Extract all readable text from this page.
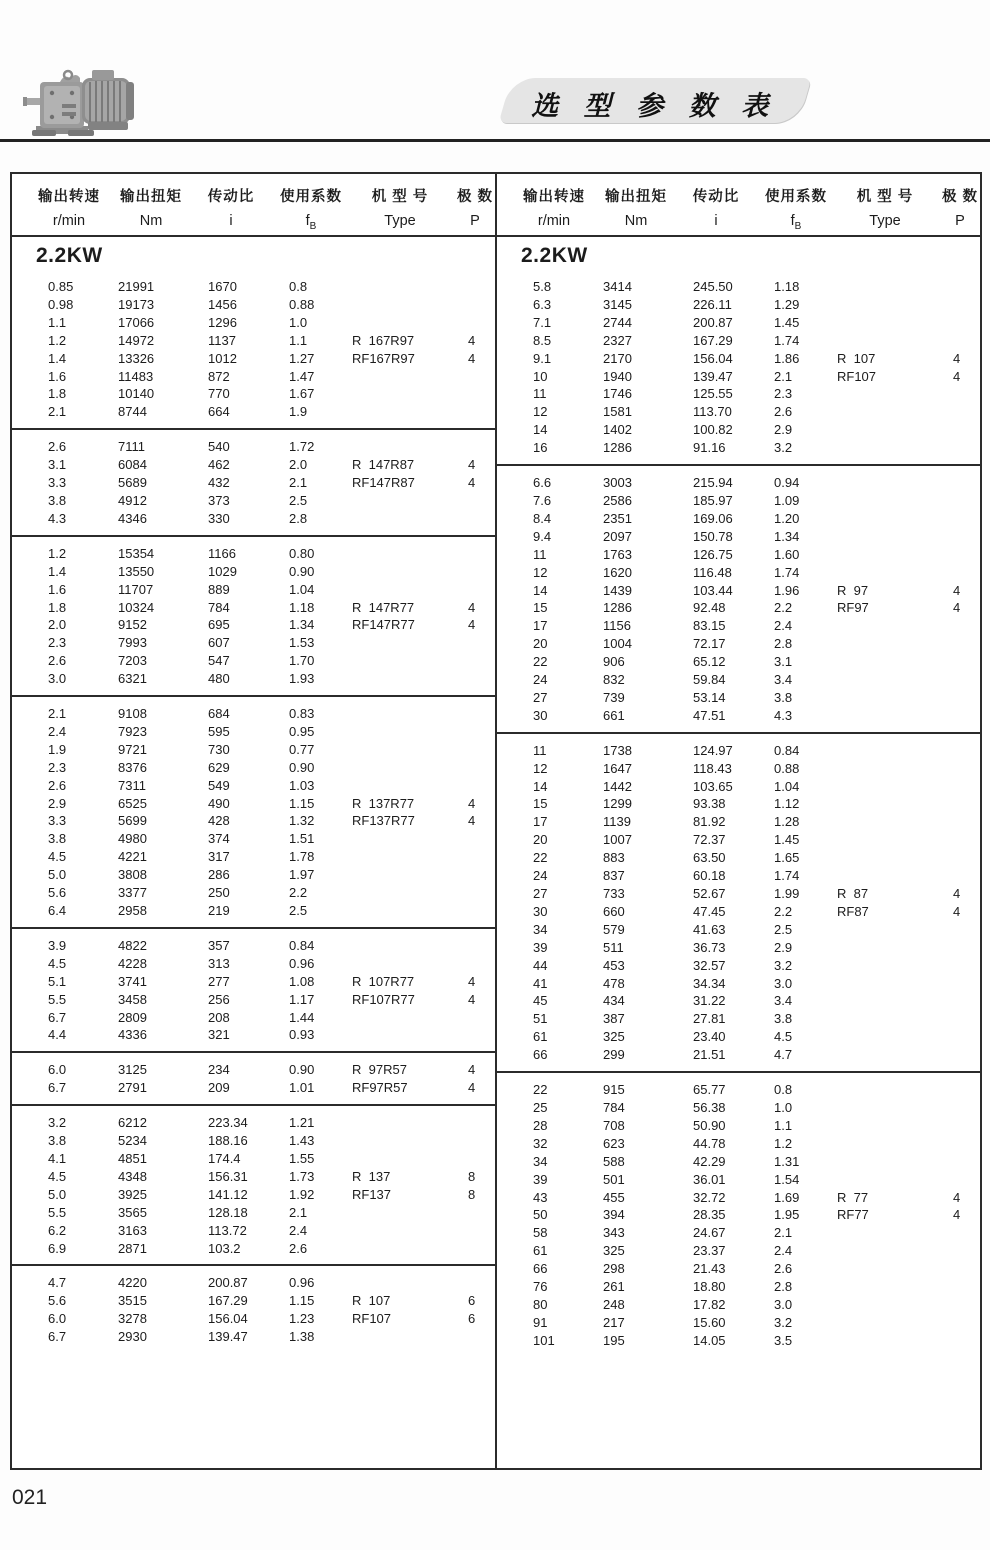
选 型 参 数 表
输出转速	输出扭矩	传动比	使用系数	机 型 号	极 数
r/min	Nm	i	$f_B$	Type	P
2.2KW
0.85	21991	1670	0.8
0.98	19173	1456	0.88
1.1	17066	1296	1.0
1.2	14972	1137	1.1	R  167R97	4
1.4	13326	1012	1.27	RF167R97	4
1.6	11483	872	1.47
1.8	10140	770	1.67
2.1	8744	664	1.9
2.6	7111	540	1.72
3.1	6084	462	2.0	R  147R87	4
3.3	5689	432	2.1	RF147R87	4
3.8	4912	373	2.5
4.3	4346	330	2.8
1.2	15354	1166	0.80
1.4	13550	1029	0.90
1.6	11707	889	1.04
1.8	10324	784	1.18	R  147R77	4
2.0	9152	695	1.34	RF147R77	4
2.3	7993	607	1.53
2.6	7203	547	1.70
3.0	6321	480	1.93
2.1	9108	684	0.83
2.4	7923	595	0.95
1.9	9721	730	0.77
2.3	8376	629	0.90
2.6	7311	549	1.03
2.9	6525	490	1.15	R  137R77	4
3.3	5699	428	1.32	RF137R77	4
3.8	4980	374	1.51
4.5	4221	317	1.78
5.0	3808	286	1.97
5.6	3377	250	2.2
6.4	2958	219	2.5
3.9	4822	357	0.84
4.5	4228	313	0.96
5.1	3741	277	1.08	R  107R77	4
5.5	3458	256	1.17	RF107R77	4
6.7	2809	208	1.44
4.4	4336	321	0.93
6.0	3125	234	0.90	R  97R57	4
6.7	2791	209	1.01	RF97R57	4
3.2	6212	223.34	1.21
3.8	5234	188.16	1.43
4.1	4851	174.4	1.55
4.5	4348	156.31	1.73	R  137	8
5.0	3925	141.12	1.92	RF137	8
5.5	3565	128.18	2.1
6.2	3163	113.72	2.4
6.9	2871	103.2	2.6
4.7	4220	200.87	0.96
5.6	3515	167.29	1.15	R  107	6
6.0	3278	156.04	1.23	RF107	6
6.7	2930	139.47	1.38
输出转速	输出扭矩	传动比	使用系数	机 型 号	极 数
r/min	Nm	i	$f_B$	Type	P
2.2KW
5.8	3414	245.50	1.18
6.3	3145	226.11	1.29
7.1	2744	200.87	1.45
8.5	2327	167.29	1.74
9.1	2170	156.04	1.86	R  107	4
10	1940	139.47	2.1	RF107	4
11	1746	125.55	2.3
12	1581	113.70	2.6
14	1402	100.82	2.9
16	1286	91.16	3.2
6.6	3003	215.94	0.94
7.6	2586	185.97	1.09
8.4	2351	169.06	1.20
9.4	2097	150.78	1.34
11	1763	126.75	1.60
12	1620	116.48	1.74
14	1439	103.44	1.96	R  97	4
15	1286	92.48	2.2	RF97	4
17	1156	83.15	2.4
20	1004	72.17	2.8
22	906	65.12	3.1
24	832	59.84	3.4
27	739	53.14	3.8
30	661	47.51	4.3
11	1738	124.97	0.84
12	1647	118.43	0.88
14	1442	103.65	1.04
15	1299	93.38	1.12
17	1139	81.92	1.28
20	1007	72.37	1.45
22	883	63.50	1.65
24	837	60.18	1.74
27	733	52.67	1.99	R  87	4
30	660	47.45	2.2	RF87	4
34	579	41.63	2.5
39	511	36.73	2.9
44	453	32.57	3.2
41	478	34.34	3.0
45	434	31.22	3.4
51	387	27.81	3.8
61	325	23.40	4.5
66	299	21.51	4.7
22	915	65.77	0.8
25	784	56.38	1.0
28	708	50.90	1.1
32	623	44.78	1.2
34	588	42.29	1.31
39	501	36.01	1.54
43	455	32.72	1.69	R  77	4
50	394	28.35	1.95	RF77	4
58	343	24.67	2.1
61	325	23.37	2.4
66	298	21.43	2.6
76	261	18.80	2.8
80	248	17.82	3.0
91	217	15.60	3.2
101	195	14.05	3.5
021
